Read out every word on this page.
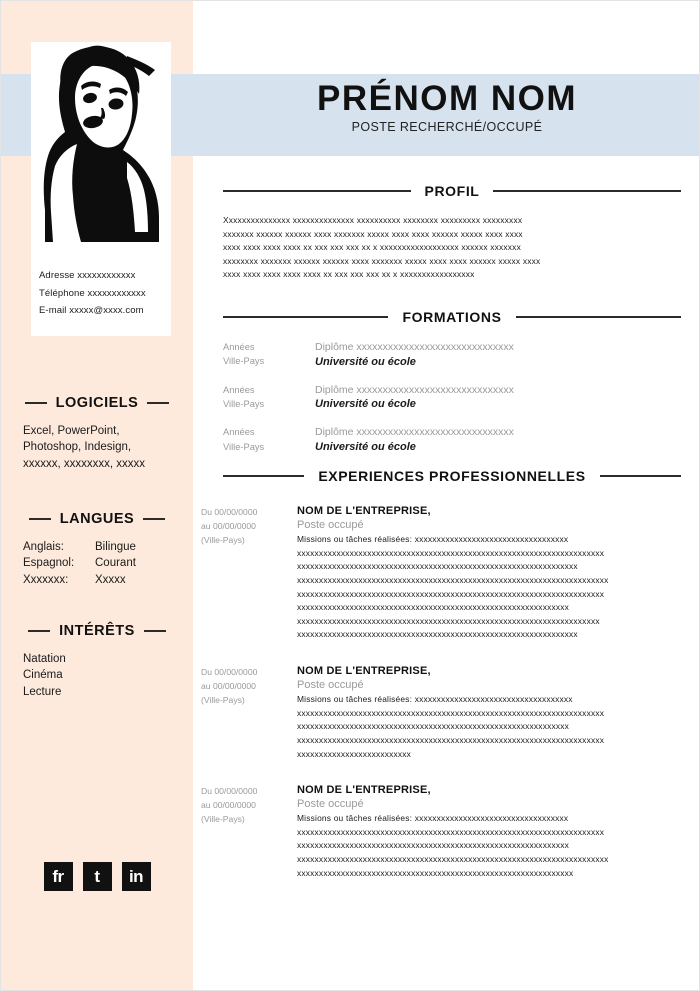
Adresse xxxxxxxxxxxx
Téléphone xxxxxxxxxxxx
E-mail xxxxx@xxxx.com
PRÉNOM NOM
POSTE RECHERCHÉ/OCCUPÉ
PROFIL
Xxxxxxxxxxxxxxx xxxxxxxxxxxxxx xxxxxxxxxx xxxxxxxx xxxxxxxxx xxxxxxxxx
xxxxxxx xxxxxx xxxxxx xxxx xxxxxxx xxxxx xxxx xxxx xxxxxx xxxxx xxxx xxxx
xxxx xxxx xxxx xxxx xx xxx xxx xxx xx x xxxxxxxxxxxxxxxxxx xxxxxx xxxxxxx
xxxxxxxx xxxxxxx xxxxxx xxxxxx xxxx xxxxxxx xxxxx xxxx xxxx xxxxxx xxxxx xxxx
xxxx xxxx xxxx xxxx xxxx xx xxx xxx xxx xx x xxxxxxxxxxxxxxxxx
FORMATIONS
Années
Ville-Pays
Diplôme xxxxxxxxxxxxxxxxxxxxxxxxxxxxxx
Université ou école
Années
Ville-Pays
Diplôme xxxxxxxxxxxxxxxxxxxxxxxxxxxxxx
Université ou école
Années
Ville-Pays
Diplôme xxxxxxxxxxxxxxxxxxxxxxxxxxxxxx
Université ou école
EXPERIENCES PROFESSIONNELLES
Du 00/00/0000
au 00/00/0000
(Ville-Pays)
NOM DE L'ENTREPRISE,
Poste occupé
Missions ou tâches réalisées: xxxxxxxxxxxxxxxxxxxxxxxxxxxxxxxxxxx
xxxxxxxxxxxxxxxxxxxxxxxxxxxxxxxxxxxxxxxxxxxxxxxxxxxxxxxxxxxxxxxxxxxxxx
xxxxxxxxxxxxxxxxxxxxxxxxxxxxxxxxxxxxxxxxxxxxxxxxxxxxxxxxxxxxxxxx
xxxxxxxxxxxxxxxxxxxxxxxxxxxxxxxxxxxxxxxxxxxxxxxxxxxxxxxxxxxxxxxxxxxxxxx
xxxxxxxxxxxxxxxxxxxxxxxxxxxxxxxxxxxxxxxxxxxxxxxxxxxxxxxxxxxxxxxxxxxxxx
xxxxxxxxxxxxxxxxxxxxxxxxxxxxxxxxxxxxxxxxxxxxxxxxxxxxxxxxxxxxxx
xxxxxxxxxxxxxxxxxxxxxxxxxxxxxxxxxxxxxxxxxxxxxxxxxxxxxxxxxxxxxxxxxxxxx
xxxxxxxxxxxxxxxxxxxxxxxxxxxxxxxxxxxxxxxxxxxxxxxxxxxxxxxxxxxxxxxx
Du 00/00/0000
au 00/00/0000
(Ville-Pays)
NOM DE L'ENTREPRISE,
Poste occupé
Missions ou tâches réalisées: xxxxxxxxxxxxxxxxxxxxxxxxxxxxxxxxxxxx
xxxxxxxxxxxxxxxxxxxxxxxxxxxxxxxxxxxxxxxxxxxxxxxxxxxxxxxxxxxxxxxxxxxxxx
xxxxxxxxxxxxxxxxxxxxxxxxxxxxxxxxxxxxxxxxxxxxxxxxxxxxxxxxxxxxxx
xxxxxxxxxxxxxxxxxxxxxxxxxxxxxxxxxxxxxxxxxxxxxxxxxxxxxxxxxxxxxxxxxxxxxx
xxxxxxxxxxxxxxxxxxxxxxxxxx
Du 00/00/0000
au 00/00/0000
(Ville-Pays)
NOM DE L'ENTREPRISE,
Poste occupé
Missions ou tâches réalisées: xxxxxxxxxxxxxxxxxxxxxxxxxxxxxxxxxxx
xxxxxxxxxxxxxxxxxxxxxxxxxxxxxxxxxxxxxxxxxxxxxxxxxxxxxxxxxxxxxxxxxxxxxx
xxxxxxxxxxxxxxxxxxxxxxxxxxxxxxxxxxxxxxxxxxxxxxxxxxxxxxxxxxxxxx
xxxxxxxxxxxxxxxxxxxxxxxxxxxxxxxxxxxxxxxxxxxxxxxxxxxxxxxxxxxxxxxxxxxxxxx
xxxxxxxxxxxxxxxxxxxxxxxxxxxxxxxxxxxxxxxxxxxxxxxxxxxxxxxxxxxxxxx
LOGICIELS
Excel, PowerPoint,
Photoshop, Indesign,
xxxxxx, xxxxxxxx, xxxxx
LANGUES
Anglais:	Bilingue
Espagnol:	Courant
Xxxxxxx:	Xxxxx
INTÉRÊTS
Natation
Cinéma
Lecture
fr	t	in
